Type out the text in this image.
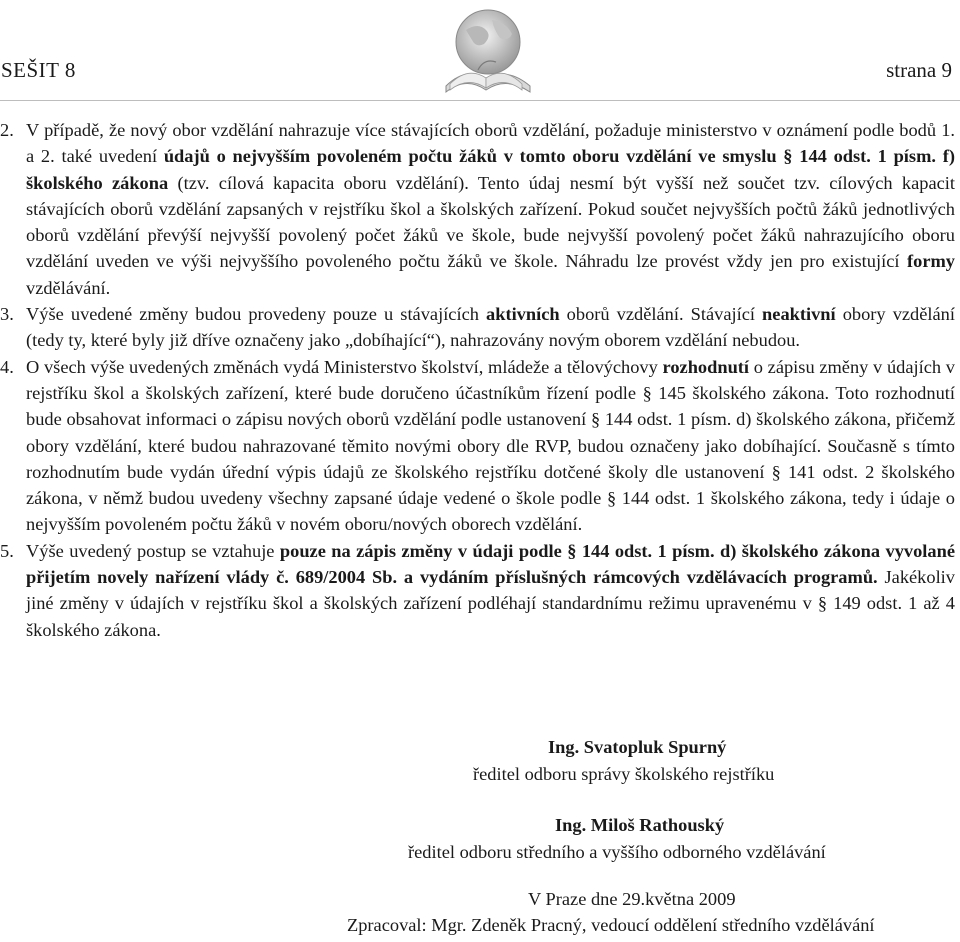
SEŠIT 8	strana 9

2. V případě, že nový obor vzdělání nahrazuje více stávajících oborů vzdělání, požaduje ministerstvo v oznámení podle bodů 1. a 2. také uvedení údajů o nejvyšším povoleném počtu žáků v tomto oboru vzdělání ve smyslu § 144 odst. 1 písm. f) školského zákona (tzv. cílová kapacita oboru vzdělání). Tento údaj nesmí být vyšší než součet tzv. cílových kapacit stávajících oborů vzdělání zapsaných v rejstříku škol a školských zařízení. Pokud součet nejvyšších počtů žáků jednotlivých oborů vzdělání převýší nejvyšší povolený počet žáků ve škole, bude nejvyšší povolený počet žáků nahrazujícího oboru vzdělání uveden ve výši nejvyššího povoleného počtu žáků ve škole. Náhradu lze provést vždy jen pro existující formy vzdělávání.

3. Výše uvedené změny budou provedeny pouze u stávajících aktivních oborů vzdělání. Stávající neaktivní obory vzdělání (tedy ty, které byly již dříve označeny jako „dobíhající“), nahrazovány novým oborem vzdělání nebudou.

4. O všech výše uvedených změnách vydá Ministerstvo školství, mládeže a tělovýchovy rozhodnutí o zápisu změny v údajích v rejstříku škol a školských zařízení, které bude doručeno účastníkům řízení podle § 145 školského zákona. Toto rozhodnutí bude obsahovat informaci o zápisu nových oborů vzdělání podle ustanovení § 144 odst. 1 písm. d) školského zákona, přičemž obory vzdělání, které budou nahrazované těmito novými obory dle RVP, budou označeny jako dobíhající. Současně s tímto rozhodnutím bude vydán úřední výpis údajů ze školského rejstříku dotčené školy dle ustanovení § 141 odst. 2 školského zákona, v němž budou uvedeny všechny zapsané údaje vedené o škole podle § 144 odst. 1 školského zákona, tedy i údaje o nejvyšším povoleném počtu žáků v novém oboru/nových oborech vzdělání.

5. Výše uvedený postup se vztahuje pouze na zápis změny v údaji podle § 144 odst. 1 písm. d) školského zákona vyvolané přijetím novely nařízení vlády č. 689/2004 Sb. a vydáním příslušných rámcových vzdělávacích programů. Jakékoliv jiné změny v údajích v rejstříku škol a školských zařízení podléhají standardnímu režimu upravenému v § 149 odst. 1 až 4 školského zákona.

Ing. Svatopluk Spurný
ředitel odboru správy školského rejstříku
Ing. Miloš Rathouský
ředitel odboru středního a vyššího odborného vzdělávání
V Praze dne 29.května 2009
Zpracoval: Mgr. Zdeněk Pracný, vedoucí oddělení středního vzdělávání
